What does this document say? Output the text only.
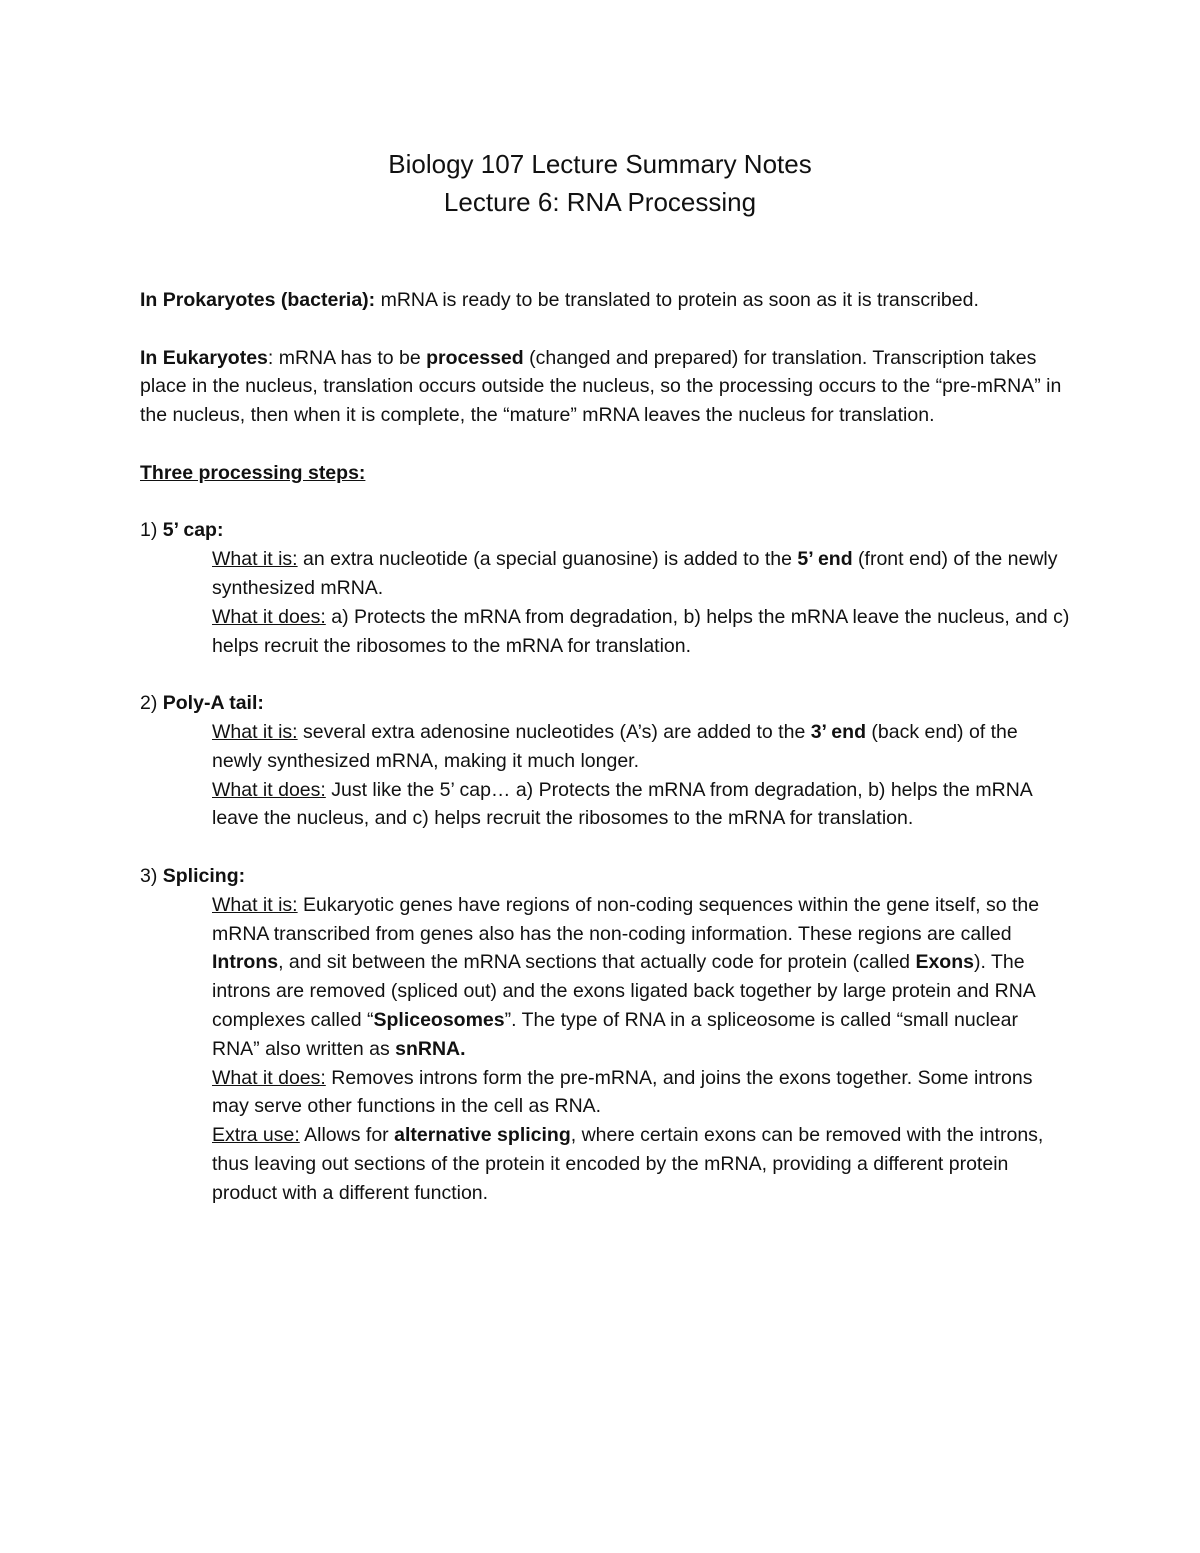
Biology 107 Lecture Summary Notes
Lecture 6: RNA Processing

In Prokaryotes (bacteria): mRNA is ready to be translated to protein as soon as it is transcribed.

In Eukaryotes: mRNA has to be processed (changed and prepared) for translation. Transcription takes place in the nucleus, translation occurs outside the nucleus, so the processing occurs to the “pre-mRNA” in the nucleus, then when it is complete, the “mature” mRNA leaves the nucleus for translation.

Three processing steps:

1) 5’ cap:

What it is: an extra nucleotide (a special guanosine) is added to the 5’ end (front end) of the newly synthesized mRNA.

What it does: a) Protects the mRNA from degradation, b) helps the mRNA leave the nucleus, and c) helps recruit the ribosomes to the mRNA for translation.

2) Poly-A tail:

What it is: several extra adenosine nucleotides (A’s) are added to the 3’ end (back end) of the newly synthesized mRNA, making it much longer.

What it does: Just like the 5’ cap… a) Protects the mRNA from degradation, b) helps the mRNA leave the nucleus, and c) helps recruit the ribosomes to the mRNA for translation.

3) Splicing:

What it is: Eukaryotic genes have regions of non-coding sequences within the gene itself, so the mRNA transcribed from genes also has the non-coding information. These regions are called Introns, and sit between the mRNA sections that actually code for protein (called Exons). The introns are removed (spliced out) and the exons ligated back together by large protein and RNA complexes called “Spliceosomes”. The type of RNA in a spliceosome is called “small nuclear RNA” also written as snRNA.

What it does: Removes introns form the pre-mRNA, and joins the exons together. Some introns may serve other functions in the cell as RNA.

Extra use: Allows for alternative splicing, where certain exons can be removed with the introns, thus leaving out sections of the protein it encoded by the mRNA, providing a different protein product with a different function.
